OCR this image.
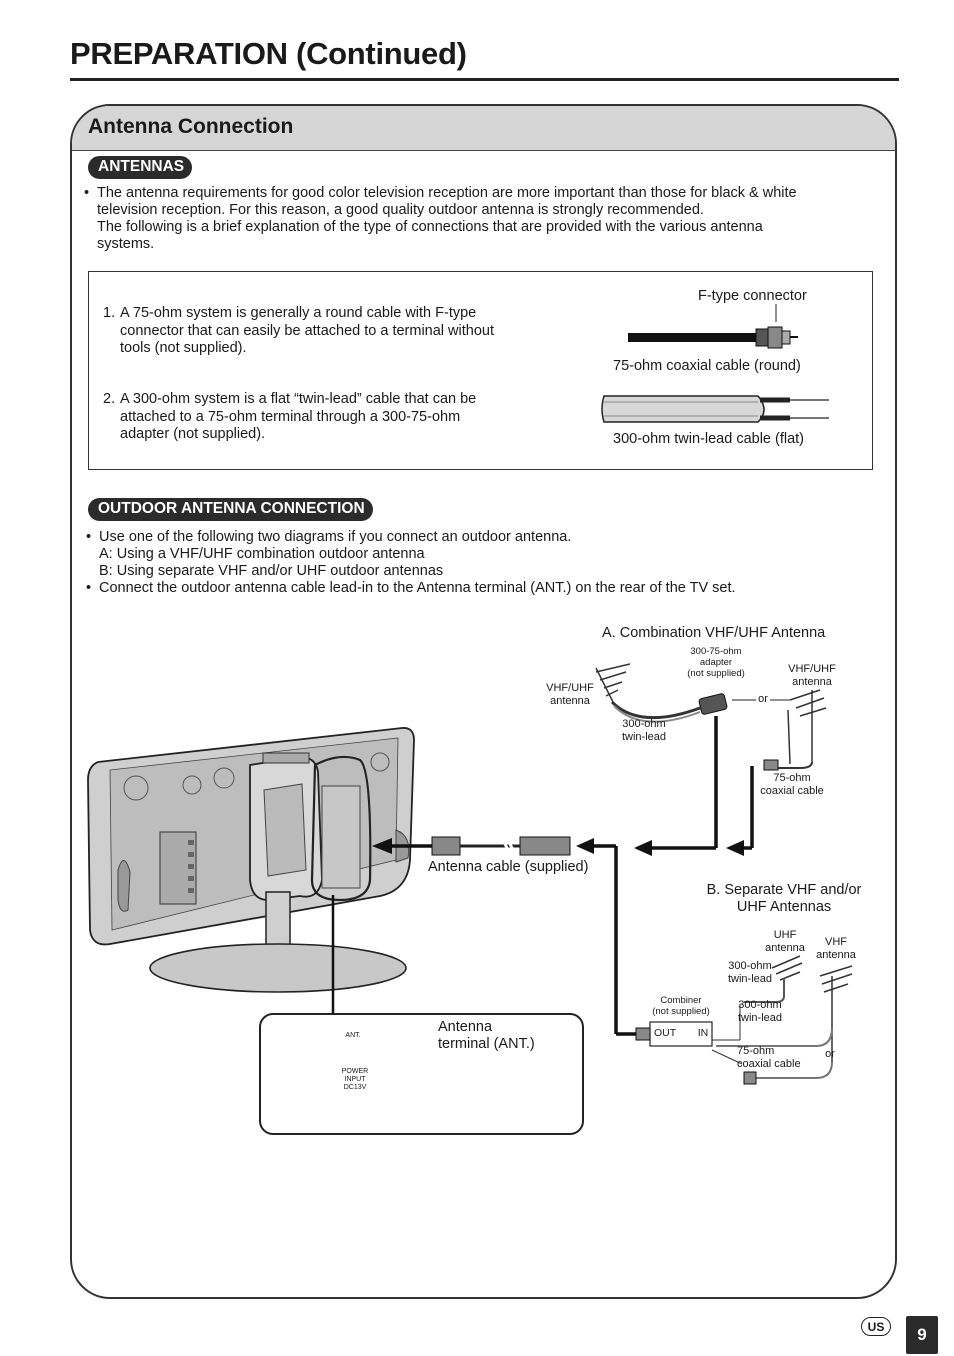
PREPARATION (Continued)
Antenna Connection
ANTENNAS
• The antenna requirements for good color television reception are more important than those for black & white
television reception. For this reason, a good quality outdoor antenna is strongly recommended.
The following is a brief explanation of the type of connections that are provided with the various antenna
systems.
1. A 75-ohm system is generally a round cable with F-type
connector that can easily be attached to a terminal without
tools (not supplied).
2. A 300-ohm system is a flat “twin-lead” cable that can be
attached to a 75-ohm terminal through a 300-75-ohm
adapter (not supplied).
F-type connector
75-ohm coaxial cable (round)
300-ohm twin-lead cable (flat)
OUTDOOR ANTENNA CONNECTION
• Use one of the following two diagrams if you connect an outdoor antenna.
A: Using a VHF/UHF combination outdoor antenna
B: Using separate VHF and/or UHF outdoor antennas
• Connect the outdoor antenna cable lead-in to the Antenna terminal (ANT.) on the rear of the TV set.
A. Combination VHF/UHF Antenna
300-75-ohm
adapter
(not supplied)
VHF/UHF
antenna
VHF/UHF
antenna
or
300-ohm
twin-lead
75-ohm
coaxial cable
Antenna cable (supplied)
B. Separate VHF and/or
UHF Antennas
UHF
antenna	VHF
antenna
300-ohm
twin-lead
300-ohm
twin-lead
Combiner
(not supplied)
OUT IN
75-ohm
coaxial cable
or
Antenna
terminal (ANT.)
ANT.
POWER
INPUT
DC13V
US	9
